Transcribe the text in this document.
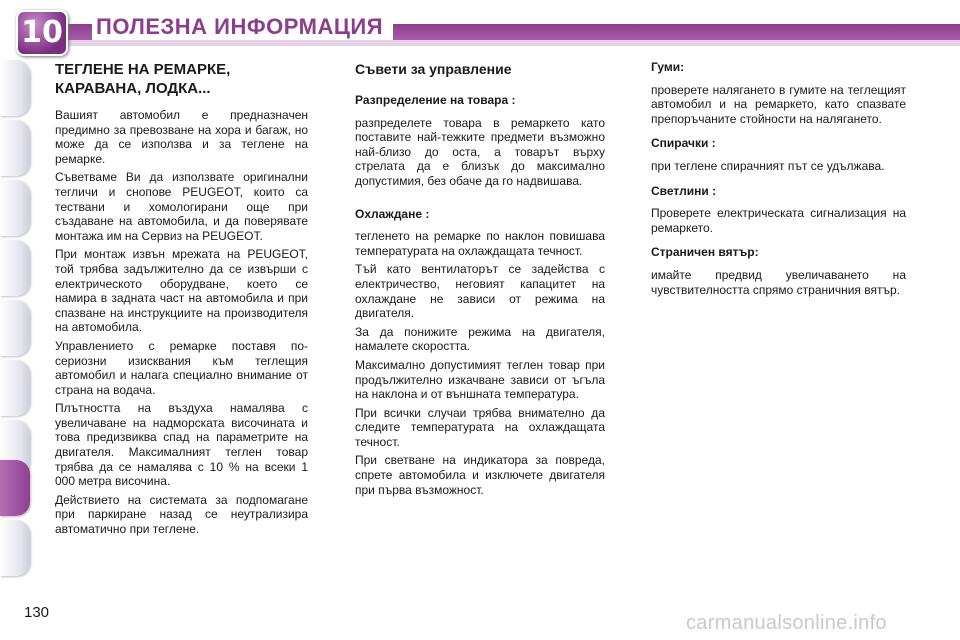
10 ПОЛЕЗНА ИНФОРМАЦИЯ
ТЕГЛЕНЕ НА РЕМАРКЕ, КАРАВАНА, ЛОДКА...

Вашият автомобил е предназначен предимно за превозване на хора и багаж, но може да се използва и за теглене на ремарке.

Съветваме Ви да използвате оригинални тегличи и снопове PEUGEOT, които са тествани и хомологирани още при създаване на автомобила, и да поверявате монтажа им на Сервиз на PEUGEOT.

При монтаж извън мрежата на PEUGEOT, той трябва задължително да се извърши с електрическото оборудване, което се намира в задната част на автомобила и при спазване на инструкциите на производителя на автомобила.

Управлението с ремарке поставя по-сериозни изисквания към теглещия автомобил и налага специално внимание от страна на водача.

Плътността на въздуха намалява с увеличаване на надморската височината и това предизвиква спад на параметрите на двигателя. Максималният теглен товар трябва да се намалява с 10 % на всеки 1 000 метра височина.

Действието на системата за подпомагане при паркиране назад се неутрализира автоматично при теглене.

Съвети за управление
Разпределение на товара :

разпределете товара в ремаркето като поставите най-тежките предмети възможно най-близо до оста, а товарът върху стрелата да е близък до максимално допустимия, без обаче да го надвишава.

Охлаждане :

тегленето на ремарке по наклон повишава температурата на охлаждащата течност.

Тъй като вентилаторът се задейства с електричество, неговият капацитет на охлаждане не зависи от режима на двигателя.

За да понижите режима на двигателя, намалете скоростта.

Максимално допустимият теглен товар при продължително изкачване зависи от ъгъла на наклона и от външната температура.

При всички случаи трябва внимателно да следите температурата на охлаждащата течност.

При светване на индикатора за повреда, спрете автомобила и изключете двигателя при първа възможност.

Гуми:

проверете налягането в гумите на теглещият автомобил и на ремаркето, като спазвате препоръчаните стойности на налягането.

Спирачки :

при теглене спирачният път се удължава.

Светлини :

Проверете електрическата сигнализация на ремаркето.

Страничен вятър:

имайте предвид увеличаването на чувствителността спрямо страничния вятър.

130	carmanualsonline.info
